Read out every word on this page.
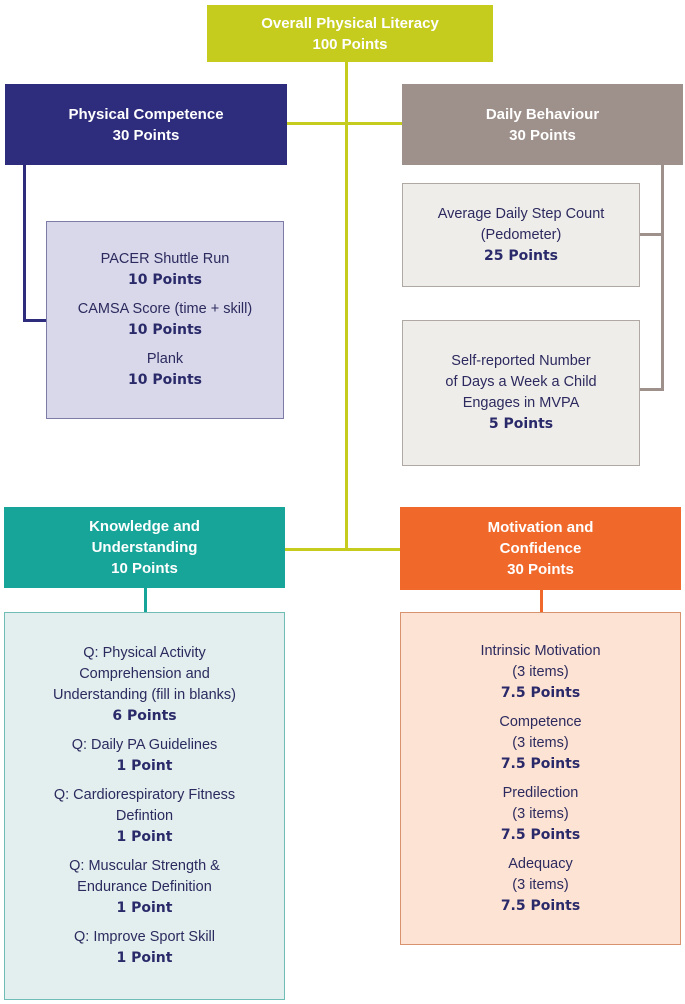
Overall Physical Literacy
100 Points
Physical Competence
30 Points
PACER Shuttle Run
10 Points
CAMSA Score (time + skill)
10 Points
Plank
10 Points
Daily Behaviour
30 Points
Average Daily Step Count
(Pedometer)
25 Points
Self-reported Number
of Days a Week a Child
Engages in MVPA
5 Points
Knowledge and
Understanding
10 Points
Q: Physical Activity
Comprehension and
Understanding (fill in blanks)
6 Points
Q: Daily PA Guidelines
1 Point
Q: Cardiorespiratory Fitness
Defintion
1 Point
Q: Muscular Strength &
Endurance Definition
1 Point
Q: Improve Sport Skill
1 Point
Motivation and
Confidence
30 Points
Intrinsic Motivation
(3 items)
7.5 Points
Competence
(3 items)
7.5 Points
Predilection
(3 items)
7.5 Points
Adequacy
(3 items)
7.5 Points
